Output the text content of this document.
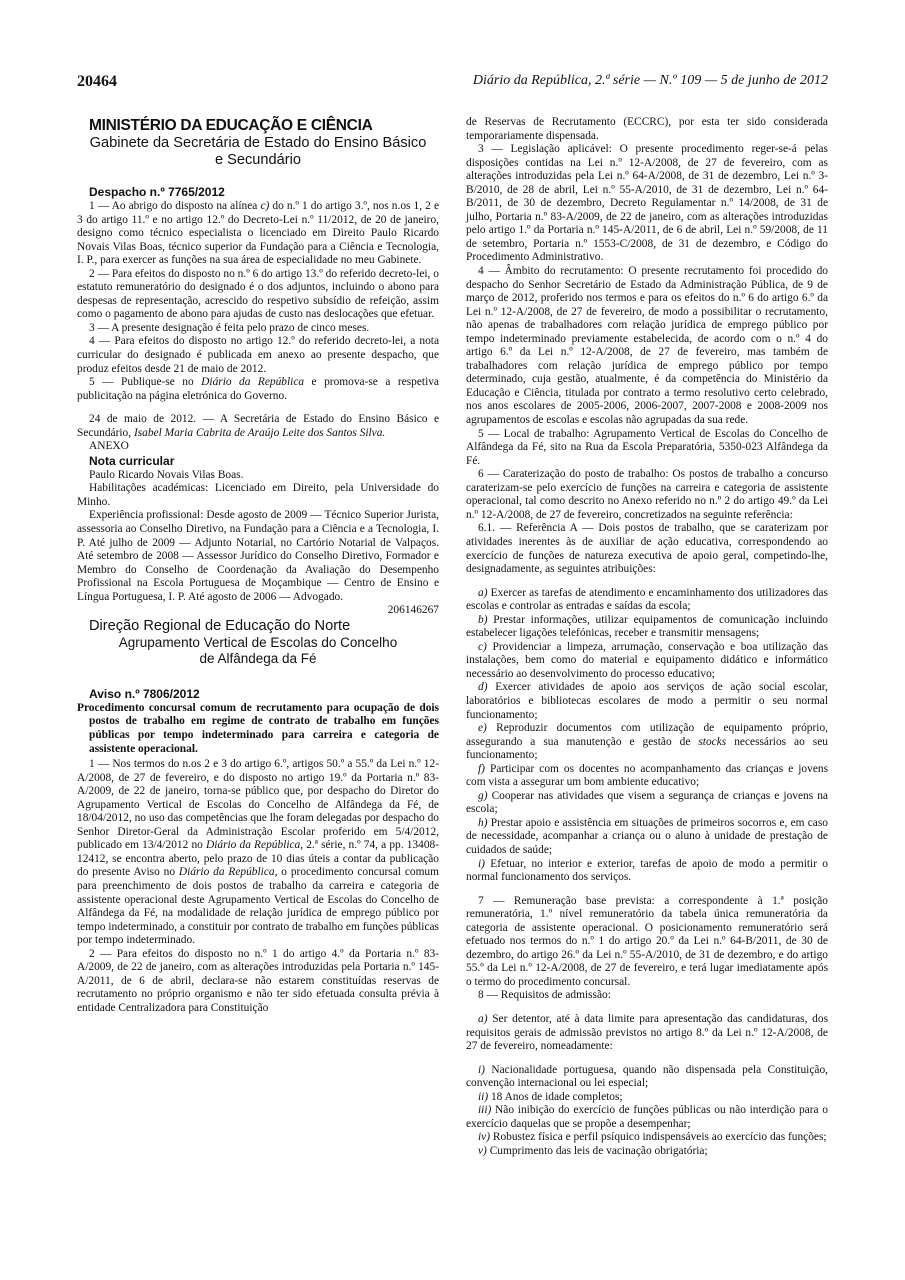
20464	Diário da República, 2.ª série — N.º 109 — 5 de junho de 2012

MINISTÉRIO DA EDUCAÇÃO E CIÊNCIA

Gabinete da Secretária de Estado do Ensino Básico
e Secundário

Despacho n.º 7765/2012

1 — Ao abrigo do disposto na alínea c) do n.º 1 do artigo 3.º, nos n.os 1, 2 e 3 do artigo 11.º e no artigo 12.º do Decreto-Lei n.º 11/2012, de 20 de janeiro, designo como técnico especialista o licenciado em Direito Paulo Ricardo Novais Vilas Boas, técnico superior da Fundação para a Ciência e Tecnologia, I. P., para exercer as funções na sua área de especialidade no meu Gabinete.

2 — Para efeitos do disposto no n.º 6 do artigo 13.º do referido decreto-lei, o estatuto remuneratório do designado é o dos adjuntos, incluindo o abono para despesas de representação, acrescido do respetivo subsídio de refeição, assim como o pagamento de abono para ajudas de custo nas deslocações que efetuar.

3 — A presente designação é feita pelo prazo de cinco meses.

4 — Para efeitos do disposto no artigo 12.º do referido decreto-lei, a nota curricular do designado é publicada em anexo ao presente despacho, que produz efeitos desde 21 de maio de 2012.

5 — Publique-se no Diário da República e promova-se a respetiva publicitação na página eletrónica do Governo.

24 de maio de 2012. — A Secretária de Estado do Ensino Básico e Secundário, Isabel Maria Cabrita de Araújo Leite dos Santos Silva.

ANEXO

Nota curricular

Paulo Ricardo Novais Vilas Boas.

Habilitações académicas: Licenciado em Direito, pela Universidade do Minho.

Experiência profissional: Desde agosto de 2009 — Técnico Superior Jurista, assessoria ao Conselho Diretivo, na Fundação para a Ciência e a Tecnologia, I. P. Até julho de 2009 — Adjunto Notarial, no Cartório Notarial de Valpaços. Até setembro de 2008 — Assessor Jurídico do Conselho Diretivo, Formador e Membro do Conselho de Coordenação da Avaliação do Desempenho Profissional na Escola Portuguesa de Moçambique — Centro de Ensino e Língua Portuguesa, I. P. Até agosto de 2006 — Advogado.

206146267

Direção Regional de Educação do Norte

Agrupamento Vertical de Escolas do Concelho
de Alfândega da Fé

Aviso n.º 7806/2012

Procedimento concursal comum de recrutamento para ocupação de dois postos de trabalho em regime de contrato de trabalho em funções públicas por tempo indeterminado para carreira e categoria de assistente operacional.

1 — Nos termos do n.os 2 e 3 do artigo 6.º, artigos 50.º a 55.º da Lei n.º 12-A/2008, de 27 de fevereiro, e do disposto no artigo 19.º da Portaria n.º 83-A/2009, de 22 de janeiro, torna-se público que, por despacho do Diretor do Agrupamento Vertical de Escolas do Concelho de Alfândega da Fé, de 18/04/2012, no uso das competências que lhe foram delegadas por despacho do Senhor Diretor-Geral da Administração Escolar proferido em 5/4/2012, publicado em 13/4/2012 no Diário da República, 2.ª série, n.º 74, a pp. 13408-12412, se encontra aberto, pelo prazo de 10 dias úteis a contar da publicação do presente Aviso no Diário da República, o procedimento concursal comum para preenchimento de dois postos de trabalho da carreira e categoria de assistente operacional deste Agrupamento Vertical de Escolas do Concelho de Alfândega da Fé, na modalidade de relação jurídica de emprego público por tempo indeterminado, a constituir por contrato de trabalho em funções públicas por tempo indeterminado.

2 — Para efeitos do disposto no n.º 1 do artigo 4.º da Portaria n.º 83-A/2009, de 22 de janeiro, com as alterações introduzidas pela Portaria n.º 145-A/2011, de 6 de abril, declara-se não estarem constituídas reservas de recrutamento no próprio organismo e não ter sido efetuada consulta prévia à entidade Centralizadora para Constituição

de Reservas de Recrutamento (ECCRC), por esta ter sido considerada temporariamente dispensada.

3 — Legislação aplicável: O presente procedimento reger-se-á pelas disposições contidas na Lei n.º 12-A/2008, de 27 de fevereiro, com as alterações introduzidas pela Lei n.º 64-A/2008, de 31 de dezembro, Lei n.º 3-B/2010, de 28 de abril, Lei n.º 55-A/2010, de 31 de dezembro, Lei n.º 64-B/2011, de 30 de dezembro, Decreto Regulamentar n.º 14/2008, de 31 de julho, Portaria n.º 83-A/2009, de 22 de janeiro, com as alterações introduzidas pelo artigo 1.º da Portaria n.º 145-A/2011, de 6 de abril, Lei n.º 59/2008, de 11 de setembro, Portaria n.º 1553-C/2008, de 31 de dezembro, e Código do Procedimento Administrativo.

4 — Âmbito do recrutamento: O presente recrutamento foi procedido do despacho do Senhor Secretário de Estado da Administração Pública, de 9 de março de 2012, proferido nos termos e para os efeitos do n.º 6 do artigo 6.º da Lei n.º 12-A/2008, de 27 de fevereiro, de modo a possibilitar o recrutamento, não apenas de trabalhadores com relação jurídica de emprego público por tempo indeterminado previamente estabelecida, de acordo com o n.º 4 do artigo 6.º da Lei n.º 12-A/2008, de 27 de fevereiro, mas também de trabalhadores com relação jurídica de emprego público por tempo determinado, cuja gestão, atualmente, é da competência do Ministério da Educação e Ciência, titulada por contrato a termo resolutivo certo celebrado, nos anos escolares de 2005-2006, 2006-2007, 2007-2008 e 2008-2009 nos agrupamentos de escolas e escolas não agrupadas da sua rede.

5 — Local de trabalho: Agrupamento Vertical de Escolas do Concelho de Alfândega da Fé, sito na Rua da Escola Preparatória, 5350-023 Alfândega da Fé.

6 — Caraterização do posto de trabalho: Os postos de trabalho a concurso caraterizam-se pelo exercício de funções na carreira e categoria de assistente operacional, tal como descrito no Anexo referido no n.º 2 do artigo 49.º da Lei n.º 12-A/2008, de 27 de fevereiro, concretizados na seguinte referência:

6.1. — Referência A — Dois postos de trabalho, que se caraterizam por atividades inerentes às de auxiliar de ação educativa, correspondendo ao exercício de funções de natureza executiva de apoio geral, competindo-lhe, designadamente, as seguintes atribuições:

a) Exercer as tarefas de atendimento e encaminhamento dos utilizadores das escolas e controlar as entradas e saídas da escola;

b) Prestar informações, utilizar equipamentos de comunicação incluindo estabelecer ligações telefónicas, receber e transmitir mensagens;

c) Providenciar a limpeza, arrumação, conservação e boa utilização das instalações, bem como do material e equipamento didático e informático necessário ao desenvolvimento do processo educativo;

d) Exercer atividades de apoio aos serviços de ação social escolar, laboratórios e bibliotecas escolares de modo a permitir o seu normal funcionamento;

e) Reproduzir documentos com utilização de equipamento próprio, assegurando a sua manutenção e gestão de stocks necessários ao seu funcionamento;

f) Participar com os docentes no acompanhamento das crianças e jovens com vista a assegurar um bom ambiente educativo;

g) Cooperar nas atividades que visem a segurança de crianças e jovens na escola;

h) Prestar apoio e assistência em situações de primeiros socorros e, em caso de necessidade, acompanhar a criança ou o aluno à unidade de prestação de cuidados de saúde;

i) Efetuar, no interior e exterior, tarefas de apoio de modo a permitir o normal funcionamento dos serviços.

7 — Remuneração base prevista: a correspondente à 1.ª posição remuneratória, 1.º nível remuneratório da tabela única remuneratória da categoria de assistente operacional. O posicionamento remuneratório será efetuado nos termos do n.º 1 do artigo 20.º da Lei n.º 64-B/2011, de 30 de dezembro, do artigo 26.º da Lei n.º 55-A/2010, de 31 de dezembro, e do artigo 55.º da Lei n.º 12-A/2008, de 27 de fevereiro, e terá lugar imediatamente após o termo do procedimento concursal.

8 — Requisitos de admissão:

a) Ser detentor, até à data limite para apresentação das candidaturas, dos requisitos gerais de admissão previstos no artigo 8.º da Lei n.º 12-A/2008, de 27 de fevereiro, nomeadamente:

i) Nacionalidade portuguesa, quando não dispensada pela Constituição, convenção internacional ou lei especial;

ii) 18 Anos de idade completos;

iii) Não inibição do exercício de funções públicas ou não interdição para o exercício daquelas que se propõe a desempenhar;

iv) Robustez física e perfil psíquico indispensáveis ao exercício das funções;

v) Cumprimento das leis de vacinação obrigatória;
